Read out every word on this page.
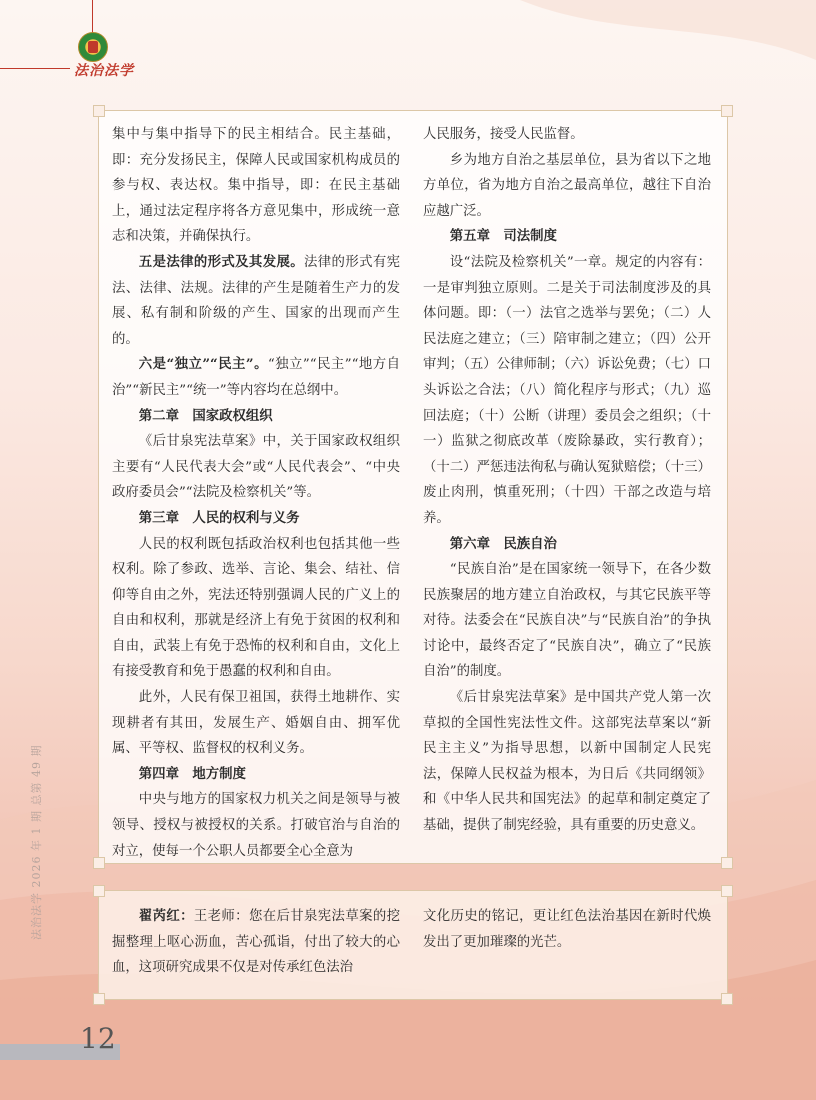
法治法学
法治法学 2026 年 1 期 总第 49 期

集中与集中指导下的民主相结合。民主基础，即：充分发扬民主，保障人民或国家机构成员的参与权、表达权。集中指导，即：在民主基础上，通过法定程序将各方意见集中，形成统一意志和决策，并确保执行。

五是法律的形式及其发展。法律的形式有宪法、法律、法规。法律的产生是随着生产力的发展、私有制和阶级的产生、国家的出现而产生的。

六是“独立”“民主”。“独立”“民主”“地方自治”“新民主”“统一”等内容均在总纲中。

第二章　国家政权组织

《后甘泉宪法草案》中，关于国家政权组织主要有“人民代表大会”或“人民代表会”、“中央政府委员会”“法院及检察机关”等。

第三章　人民的权利与义务

人民的权利既包括政治权利也包括其他一些权利。除了参政、选举、言论、集会、结社、信仰等自由之外，宪法还特别强调人民的广义上的自由和权利，那就是经济上有免于贫困的权利和自由，武装上有免于恐怖的权利和自由，文化上有接受教育和免于愚蠢的权利和自由。

此外，人民有保卫祖国，获得土地耕作、实现耕者有其田，发展生产、婚姻自由、拥军优属、平等权、监督权的权利义务。

第四章　地方制度

中央与地方的国家权力机关之间是领导与被领导、授权与被授权的关系。打破官治与自治的对立，使每一个公职人员都要全心全意为

人民服务，接受人民监督。

乡为地方自治之基层单位，县为省以下之地方单位，省为地方自治之最高单位，越往下自治应越广泛。

第五章　司法制度

设“法院及检察机关”一章。规定的内容有：一是审判独立原则。二是关于司法制度涉及的具体问题。即：（一）法官之选举与罢免；（二）人民法庭之建立；（三）陪审制之建立；（四）公开审判；（五）公律师制；（六）诉讼免费；（七）口头诉讼之合法；（八）简化程序与形式；（九）巡回法庭；（十）公断（讲理）委员会之组织；（十一）监狱之彻底改革（废除暴政，实行教育）；（十二）严惩违法徇私与确认冤狱赔偿；（十三）废止肉刑，慎重死刑；（十四）干部之改造与培养。

第六章　民族自治

“民族自治”是在国家统一领导下，在各少数民族聚居的地方建立自治政权，与其它民族平等对待。法委会在“民族自决”与“民族自治”的争执讨论中，最终否定了“民族自决”，确立了“民族自治”的制度。

《后甘泉宪法草案》是中国共产党人第一次草拟的全国性宪法性文件。这部宪法草案以“新民主主义”为指导思想，以新中国制定人民宪法，保障人民权益为根本，为日后《共同纲领》和《中华人民共和国宪法》的起草和制定奠定了基础，提供了制宪经验，具有重要的历史意义。

翟芮红：王老师：您在后甘泉宪法草案的挖掘整理上呕心沥血，苦心孤诣，付出了较大的心血，这项研究成果不仅是对传承红色法治

文化历史的铭记，更让红色法治基因在新时代焕发出了更加璀璨的光芒。

12
